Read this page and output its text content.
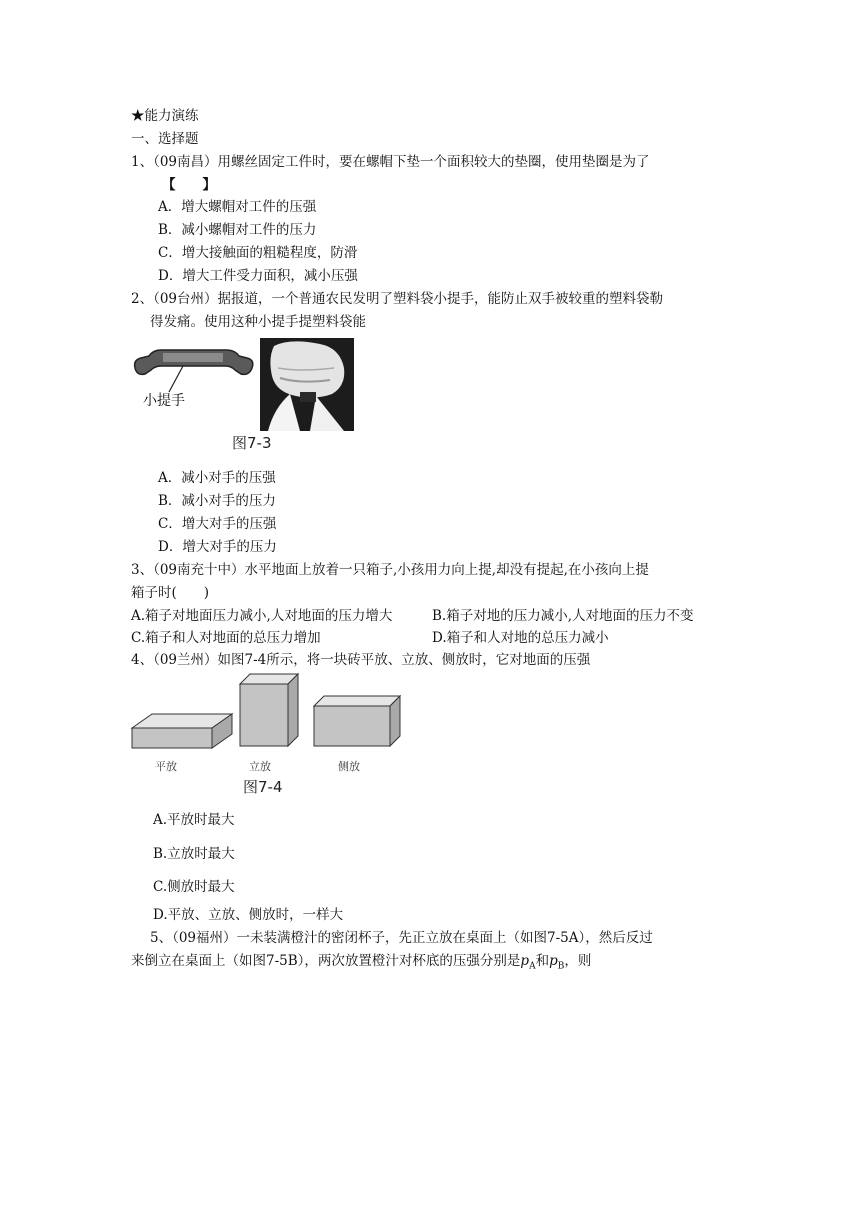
★能力演练
一、选择题
1、（09南昌）用螺丝固定工件时，要在螺帽下垫一个面积较大的垫圈，使用垫圈是为了
【　　】
A．增大螺帽对工件的压强
B．减小螺帽对工件的压力
C．增大接触面的粗糙程度，防滑
D．增大工件受力面积，减小压强
2、（09台州）据报道，一个普通农民发明了塑料袋小提手，能防止双手被较重的塑料袋勒
得发痛。使用这种小提手提塑料袋能
小提手
图7-3
A．减小对手的压强
B．减小对手的压力
C．增大对手的压强
D．增大对手的压力
3、（09南充十中）水平地面上放着一只箱子,小孩用力向上提,却没有提起,在小孩向上提
箱子时(　　)
A.箱子对地面压力减小,人对地面的压力增大	B.箱子对地的压力减小,人对地面的压力不变
C.箱子和人对地面的总压力增加	D.箱子和人对地的总压力减小
4、（09兰州）如图7-4所示，将一块砖平放、立放、侧放时，它对地面的压强
平放	立放	侧放
图7-4
A.平放时最大
B.立放时最大
C.侧放时最大
D.平放、立放、侧放时，一样大
5、（09福州）一未装满橙汁的密闭杯子，先正立放在桌面上（如图7-5A），然后反过
来倒立在桌面上（如图7-5B），两次放置橙汁对杯底的压强分别是$p_A$和$p_B$，则
